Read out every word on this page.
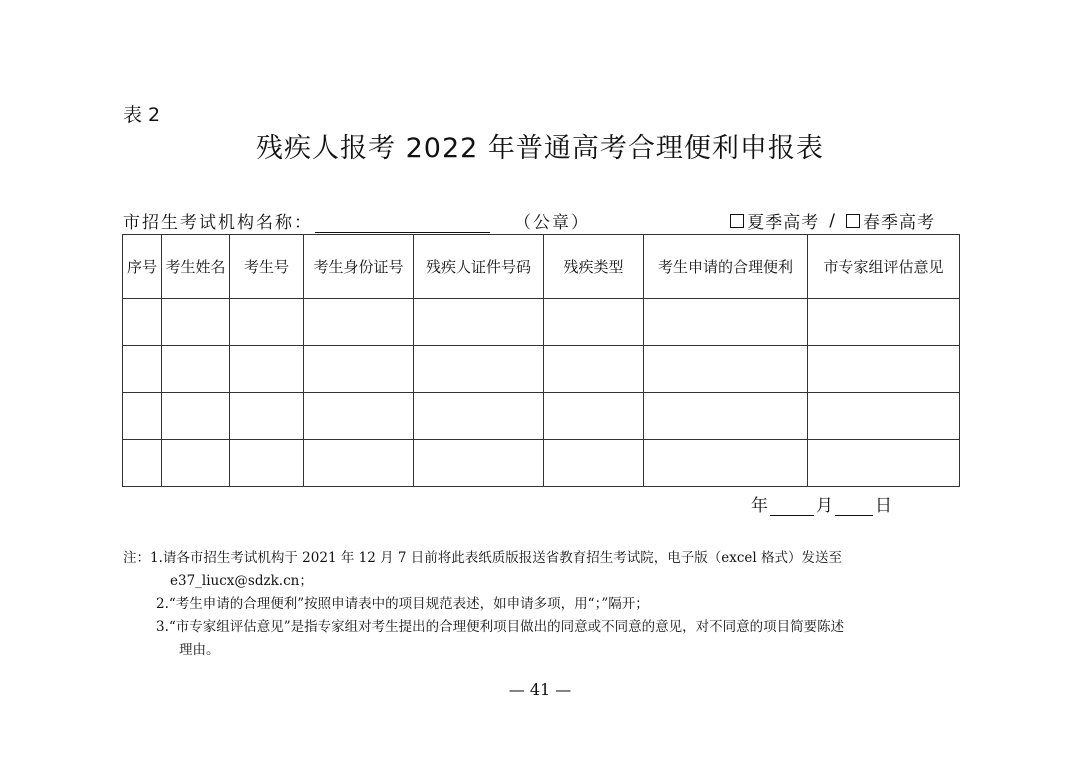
表 2
残疾人报考 2022 年普通高考合理便利申报表
市招生考试机构名称：	（公章）	夏季高考 / 春季高考
序号	考生姓名	考生号	考生身份证号	残疾人证件号码	残疾类型	考生申请的合理便利	市专家组评估意见

年	月 日
注：1.请各市招生考试机构于 2021 年 12 月 7 日前将此表纸质版报送省教育招生考试院，电子版（excel 格式）发送至
e37_liucx@sdzk.cn；
2.“考生申请的合理便利”按照申请表中的项目规范表述，如申请多项，用“；”隔开；
3.“市专家组评估意见”是指专家组对考生提出的合理便利项目做出的同意或不同意的意见，对不同意的项目简要陈述
理由。
— 41 —
